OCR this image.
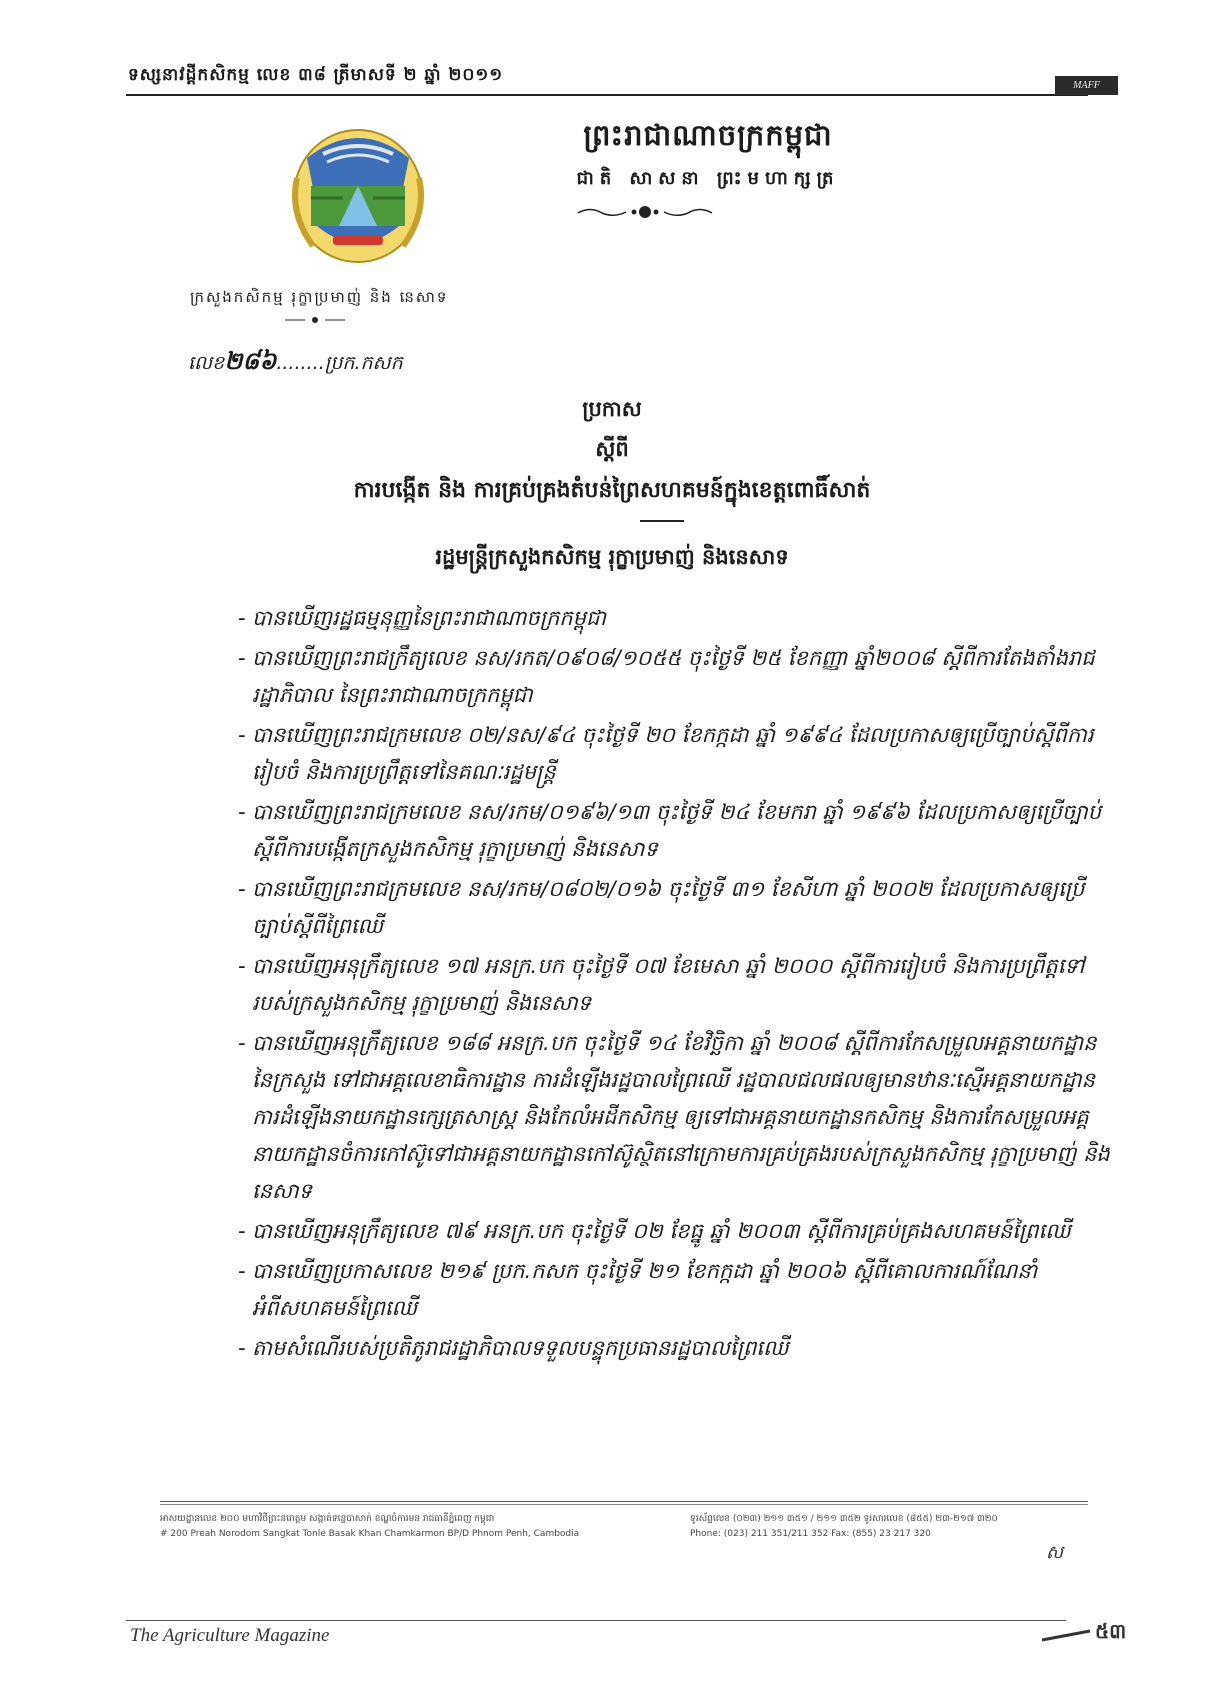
ទស្សនាវដ្តីកសិកម្ម លេខ ៣៨ ត្រីមាសទី ២ ឆ្នាំ ២០១១
MAFF
ព្រះរាជាណាចក្រកម្ពុជា
ជាតិ សាសនា ព្រះមហាក្សត្រ
ក្រសួងកសិកម្ម រុក្ខាប្រមាញ់ និង នេសាទ
លេខ២៨៦........ប្រក.កសក
ប្រកាស
ស្តីពី
ការបង្កើត និង ការគ្រប់គ្រងតំបន់ព្រៃសហគមន៍ក្នុងខេត្តពោធិ៍សាត់
រដ្ឋមន្ត្រីក្រសួងកសិកម្ម រុក្ខាប្រមាញ់ និងនេសាទ
- បានឃើញរដ្ឋធម្មនុញ្ញនៃព្រះរាជាណាចក្រកម្ពុជា
- បានឃើញព្រះរាជក្រឹត្យលេខ នស/រកត/០៩០៨/១០៥៥ ចុះថ្ងៃទី ២៥ ខែកញ្ញា ឆ្នាំ២០០៨ ស្តីពីការតែងតាំងរាជរដ្ឋាភិបាល នៃព្រះរាជាណាចក្រកម្ពុជា
- បានឃើញព្រះរាជក្រមលេខ ០២/នស/៩៤ ចុះថ្ងៃទី ២០ ខែកក្កដា ឆ្នាំ ១៩៩៤ ដែលប្រកាសឲ្យប្រើច្បាប់ស្តីពីការរៀបចំ និងការប្រព្រឹត្តទៅនៃគណៈរដ្ឋមន្ត្រី
- បានឃើញព្រះរាជក្រមលេខ នស/រកម/០១៩៦/១៣ ចុះថ្ងៃទី ២៤ ខែមករា ឆ្នាំ ១៩៩៦ ដែលប្រកាសឲ្យប្រើច្បាប់ស្តីពីការបង្កើតក្រសួងកសិកម្ម រុក្ខាប្រមាញ់ និងនេសាទ
- បានឃើញព្រះរាជក្រមលេខ នស/រកម/០៨០២/០១៦ ចុះថ្ងៃទី ៣១ ខែសីហា ឆ្នាំ ២០០២ ដែលប្រកាសឲ្យប្រើច្បាប់ស្តីពីព្រៃឈើ
- បានឃើញអនុក្រឹត្យលេខ ១៧ អនក្រ.បក ចុះថ្ងៃទី ០៧ ខែមេសា ឆ្នាំ ២០០០ ស្តីពីការរៀបចំ និងការប្រព្រឹត្តទៅរបស់ក្រសួងកសិកម្ម រុក្ខាប្រមាញ់ និងនេសាទ
- បានឃើញអនុក្រឹត្យលេខ ១៨៨ អនក្រ.បក ចុះថ្ងៃទី ១៤ ខែវិច្ឆិកា ឆ្នាំ ២០០៨ ស្តីពីការកែសម្រួលអគ្គនាយកដ្ឋាននៃក្រសួង ទៅជាអគ្គលេខាធិការដ្ឋាន ការដំឡើងរដ្ឋបាលព្រៃឈើ រដ្ឋបាលជលផលឲ្យមានឋានៈស្មើអគ្គនាយកដ្ឋាន ការដំឡើងនាយកដ្ឋានក្សេត្រសាស្ត្រ និងកែលំអដីកសិកម្ម ឲ្យទៅជាអគ្គនាយកដ្ឋានកសិកម្ម និងការកែសម្រួលអគ្គនាយកដ្ឋានចំការកៅស៊ូទៅជាអគ្គនាយកដ្ឋានកៅស៊ូស្ថិតនៅក្រោមការគ្រប់គ្រងរបស់ក្រសួងកសិកម្ម រុក្ខាប្រមាញ់ និងនេសាទ
- បានឃើញអនុក្រឹត្យលេខ ៧៩ អនក្រ.បក ចុះថ្ងៃទី ០២ ខែធ្នូ ឆ្នាំ ២០០៣ ស្តីពីការគ្រប់គ្រងសហគមន៍ព្រៃឈើ
- បានឃើញប្រកាសលេខ ២១៩ ប្រក.កសក ចុះថ្ងៃទី ២១ ខែកក្កដា ឆ្នាំ ២០០៦ ស្តីពីគោលការណ៍ណែនាំអំពីសហគមន៍ព្រៃឈើ
- តាមសំណើរបស់ប្រតិភូរាជរដ្ឋាភិបាលទទួលបន្ទុកប្រធានរដ្ឋបាលព្រៃឈើ
អាសយដ្ឋានលេខ ២០០ មហាវិថីព្រះនរោត្តម សង្កាត់ទន្លេបាសាក់ ខណ្ឌចំការមន រាជធានីភ្នំពេញ កម្ពុជា
# 200 Preah Norodom Sangkat Tonle Basak Khan Chamkarmon BP/D Phnom Penh, Cambodia
ទូរស័ព្ទលេខ (០២៣) ២១១ ៣៥១ / ២១១ ៣៥២ ទូរសារលេខ (៨៥៥) ២៣-២១៧ ៣២០
Phone: (023) 211 351/211 352 Fax: (855) 23 217 320
ស
The Agriculture Magazine	៥៣
